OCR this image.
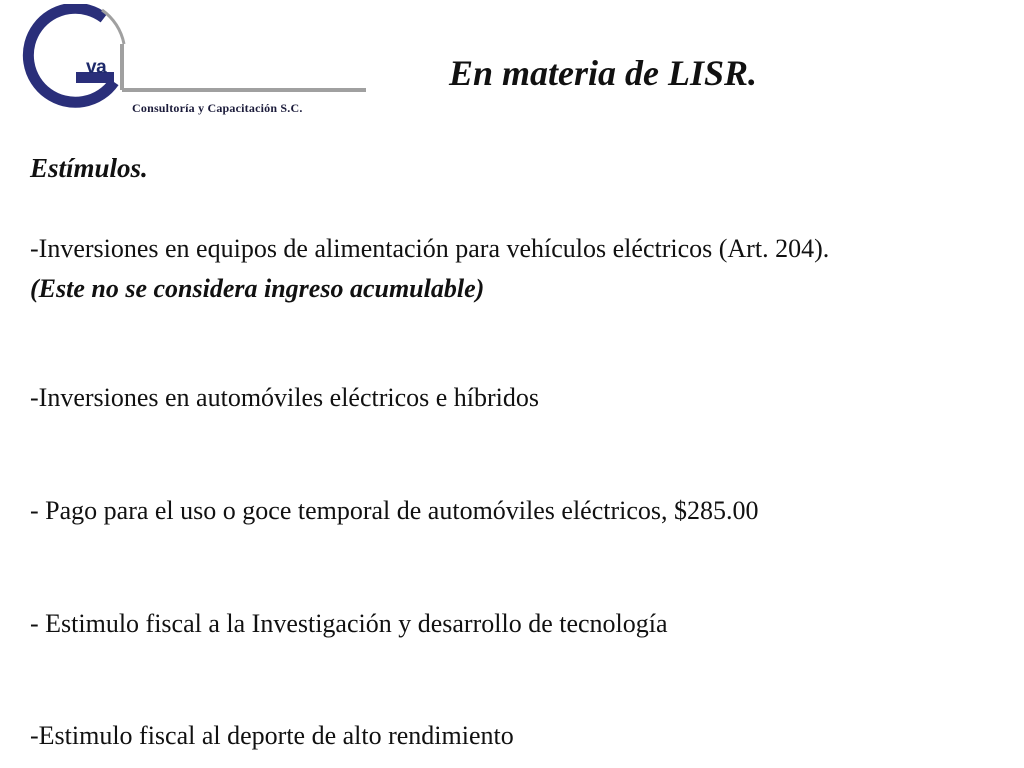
va
Consultoría y Capacitación S.C.
En materia de LISR.
Estímulos.
-Inversiones en equipos de alimentación para vehículos eléctricos (Art. 204).
(Este no se considera ingreso acumulable)
-Inversiones en automóviles eléctricos e híbridos
- Pago para el uso o goce temporal de automóviles eléctricos, $285.00
- Estimulo fiscal a la Investigación y desarrollo de tecnología
-Estimulo fiscal al deporte de alto rendimiento
